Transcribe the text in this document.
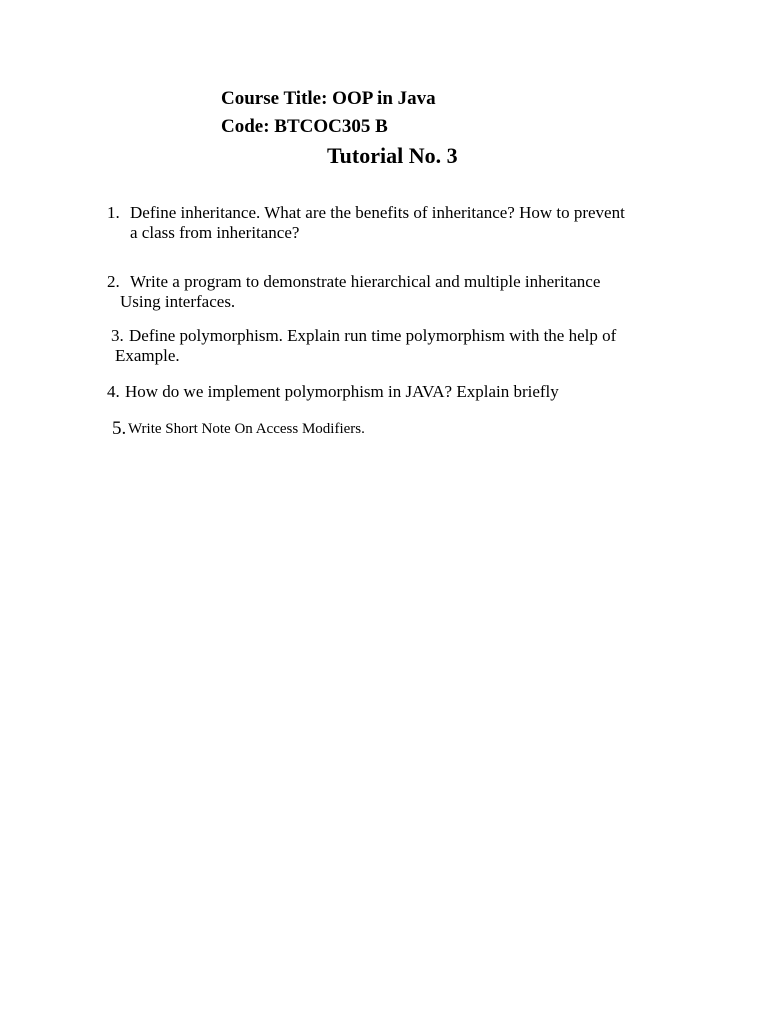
Course Title: OOP in Java
Code: BTCOC305 B
Tutorial No. 3
1. Define inheritance. What are the benefits of inheritance? How to prevent
a class from inheritance?
2. Write a program to demonstrate hierarchical and multiple inheritance
Using interfaces.
3. Define polymorphism. Explain run time polymorphism with the help of
Example.
4. How do we implement polymorphism in JAVA? Explain briefly
5. Write Short Note On Access Modifiers.
